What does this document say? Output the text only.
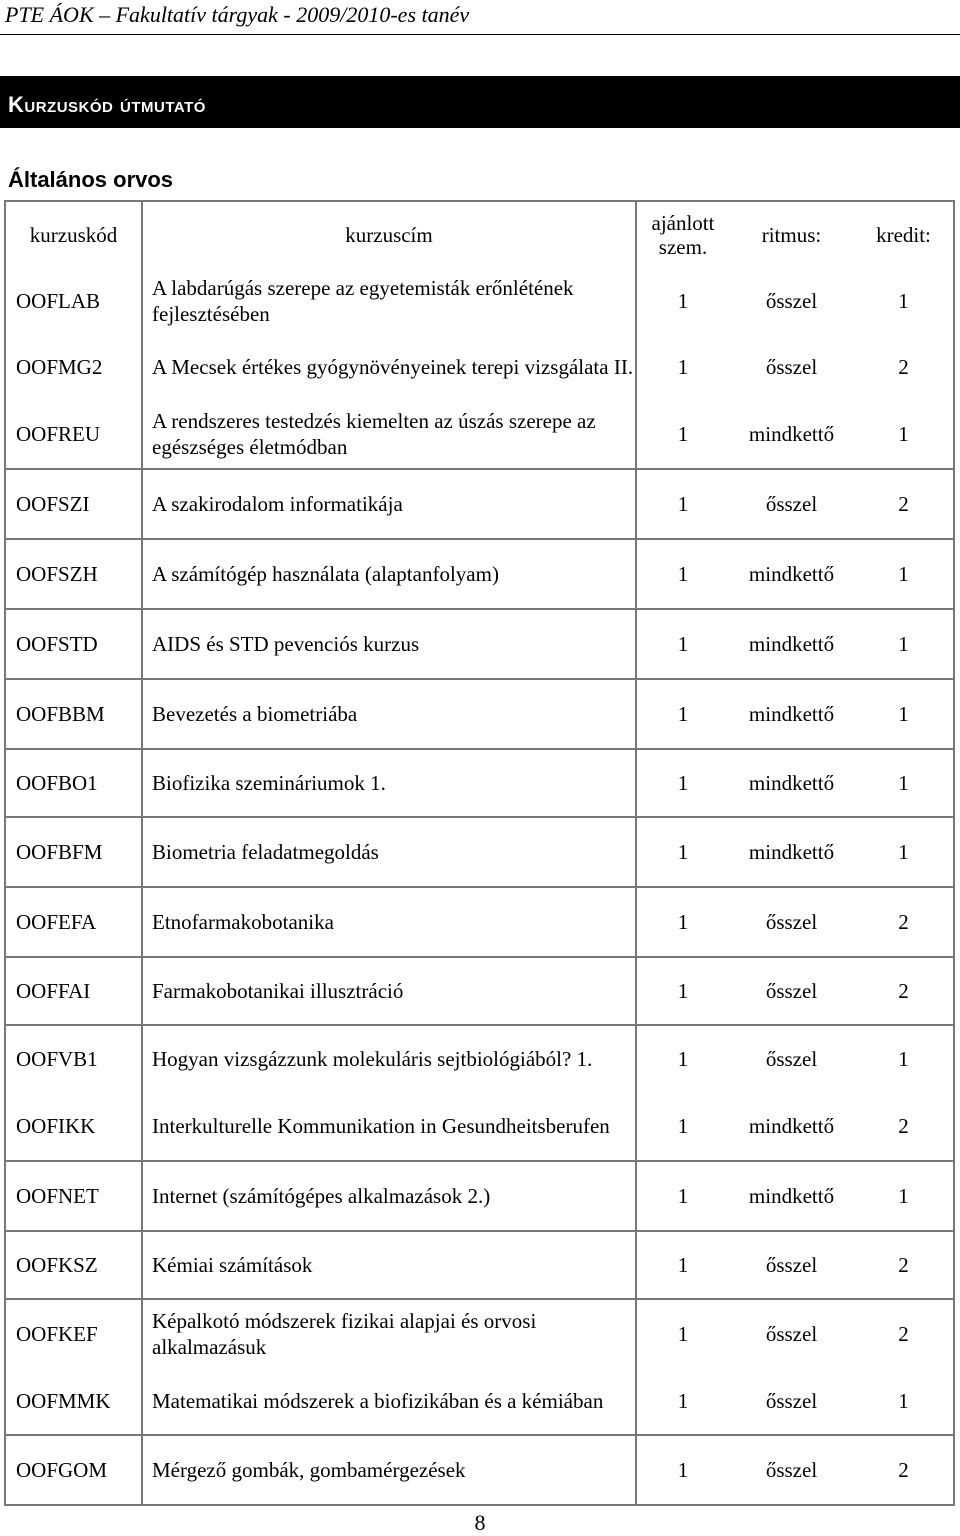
PTE ÁOK – Fakultatív tárgyak - 2009/2010-es tanév
Kurzuskód útmutató
Általános orvos
kurzuskód	kurzuscím	ajánlott szem.	ritmus:	kredit:
OOFLAB	A labdarúgás szerepe az egyetemisták erőnlétének fejlesztésében	1	ősszel	1
OOFMG2	A Mecsek értékes gyógynövényeinek terepi vizsgálata II.	1	ősszel	2
OOFREU	A rendszeres testedzés kiemelten az úszás szerepe az egészséges életmódban	1	mindkettő	1
OOFSZI	A szakirodalom informatikája	1	ősszel	2
OOFSZH	A számítógép használata (alaptanfolyam)	1	mindkettő	1
OOFSTD	AIDS és STD pevenciós kurzus	1	mindkettő	1
OOFBBM	Bevezetés a biometriába	1	mindkettő	1
OOFBO1	Biofizika szemináriumok 1.	1	mindkettő	1
OOFBFM	Biometria feladatmegoldás	1	mindkettő	1
OOFEFA	Etnofarmakobotanika	1	ősszel	2
OOFFAI	Farmakobotanikai illusztráció	1	ősszel	2
OOFVB1	Hogyan vizsgázzunk molekuláris sejtbiológiából? 1.	1	ősszel	1
OOFIKK	Interkulturelle Kommunikation in Gesundheitsberufen	1	mindkettő	2
OOFNET	Internet (számítógépes alkalmazások 2.)	1	mindkettő	1
OOFKSZ	Kémiai számítások	1	ősszel	2
OOFKEF	Képalkotó módszerek fizikai alapjai és orvosi alkalmazásuk	1	ősszel	2
OOFMMK	Matematikai módszerek a biofizikában és a kémiában	1	ősszel	1
OOFGOM	Mérgező gombák, gombamérgezések	1	ősszel	2
8
